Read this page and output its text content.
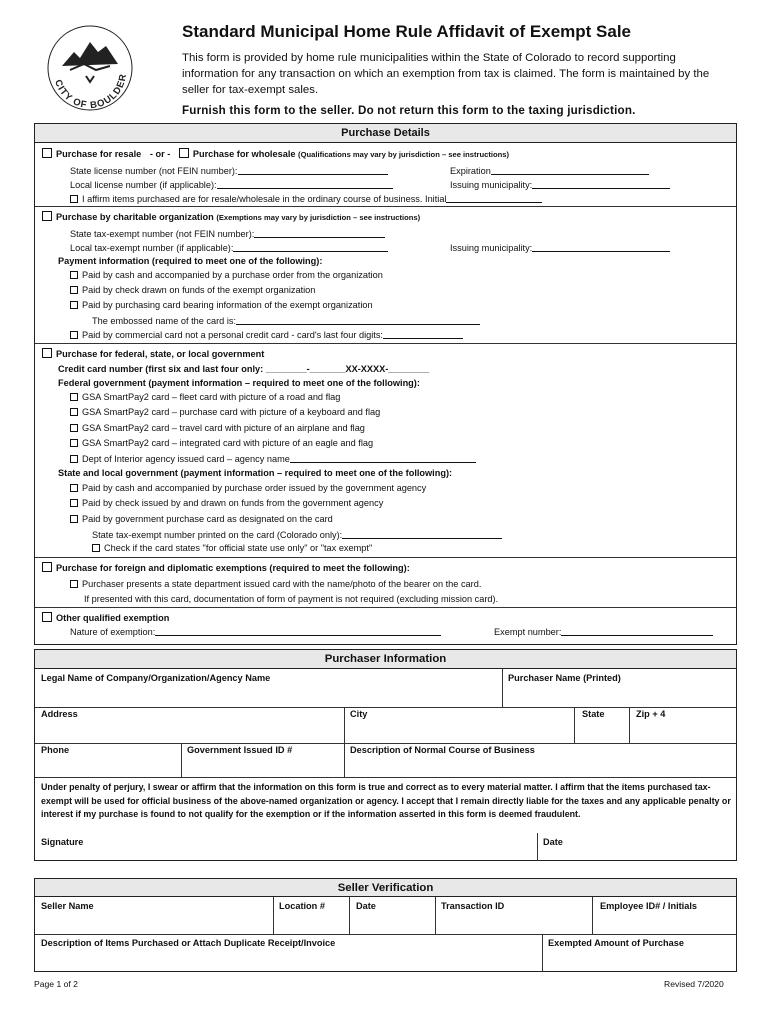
CITY OF BOULDER
Standard Municipal Home Rule Affidavit of Exempt Sale
This form is provided by home rule municipalities within the State of Colorado to record supporting information for any transaction on which an exemption from tax is claimed. The form is maintained by the seller for tax-exempt sales.
Furnish this form to the seller. Do not return this form to the taxing jurisdiction.
Purchase Details
Purchase for resale - or - Purchase for wholesale (Qualifications may vary by jurisdiction – see instructions)
State license number (not FEIN number):	Expiration
Local license number (if applicable):	Issuing municipality:
I affirm items purchased are for resale/wholesale in the ordinary course of business. Initial
Purchase by charitable organization (Exemptions may vary by jurisdiction – see instructions)
State tax-exempt number (not FEIN number):
Local tax-exempt number (if applicable):	Issuing municipality:
Payment information (required to meet one of the following):
Paid by cash and accompanied by a purchase order from the organization
Paid by check drawn on funds of the exempt organization
Paid by purchasing card bearing information of the exempt organization
The embossed name of the card is:
Paid by commercial card not a personal credit card - card's last four digits:
Purchase for federal, state, or local government
Credit card number (first six and last four only: ________-_______XX-XXXX-________
Federal government (payment information – required to meet one of the following):
GSA SmartPay2 card – fleet card with picture of a road and flag
GSA SmartPay2 card – purchase card with picture of a keyboard and flag
GSA SmartPay2 card – travel card with picture of an airplane and flag
GSA SmartPay2 card – integrated card with picture of an eagle and flag
Dept of Interior agency issued card – agency name
State and local government (payment information – required to meet one of the following):
Paid by cash and accompanied by purchase order issued by the government agency
Paid by check issued by and drawn on funds from the government agency
Paid by government purchase card as designated on the card
State tax-exempt number printed on the card (Colorado only):
Check if the card states "for official state use only" or "tax exempt"
Purchase for foreign and diplomatic exemptions (required to meet the following):
Purchaser presents a state department issued card with the name/photo of the bearer on the card.
If presented with this card, documentation of form of payment is not required (excluding mission card).
Other qualified exemption
Nature of exemption:	Exempt number:
Purchaser Information
Legal Name of Company/Organization/Agency Name	Purchaser Name (Printed)
Address	City	State	Zip + 4
Phone	Government Issued ID #	Description of Normal Course of Business
Under penalty of perjury, I swear or affirm that the information on this form is true and correct as to every material matter. I affirm that the items purchased tax-exempt will be used for official business of the above-named organization or agency. I accept that I remain directly liable for the taxes and any applicable penalty or interest if my purchase is found to not qualify for the exemption or if the information asserted in this form is deemed fraudulent.
Signature	Date
Seller Verification
Seller Name	Location #	Date	Transaction ID	Employee ID# / Initials
Description of Items Purchased or Attach Duplicate Receipt/Invoice	Exempted Amount of Purchase
Page 1 of 2	Revised 7/2020
